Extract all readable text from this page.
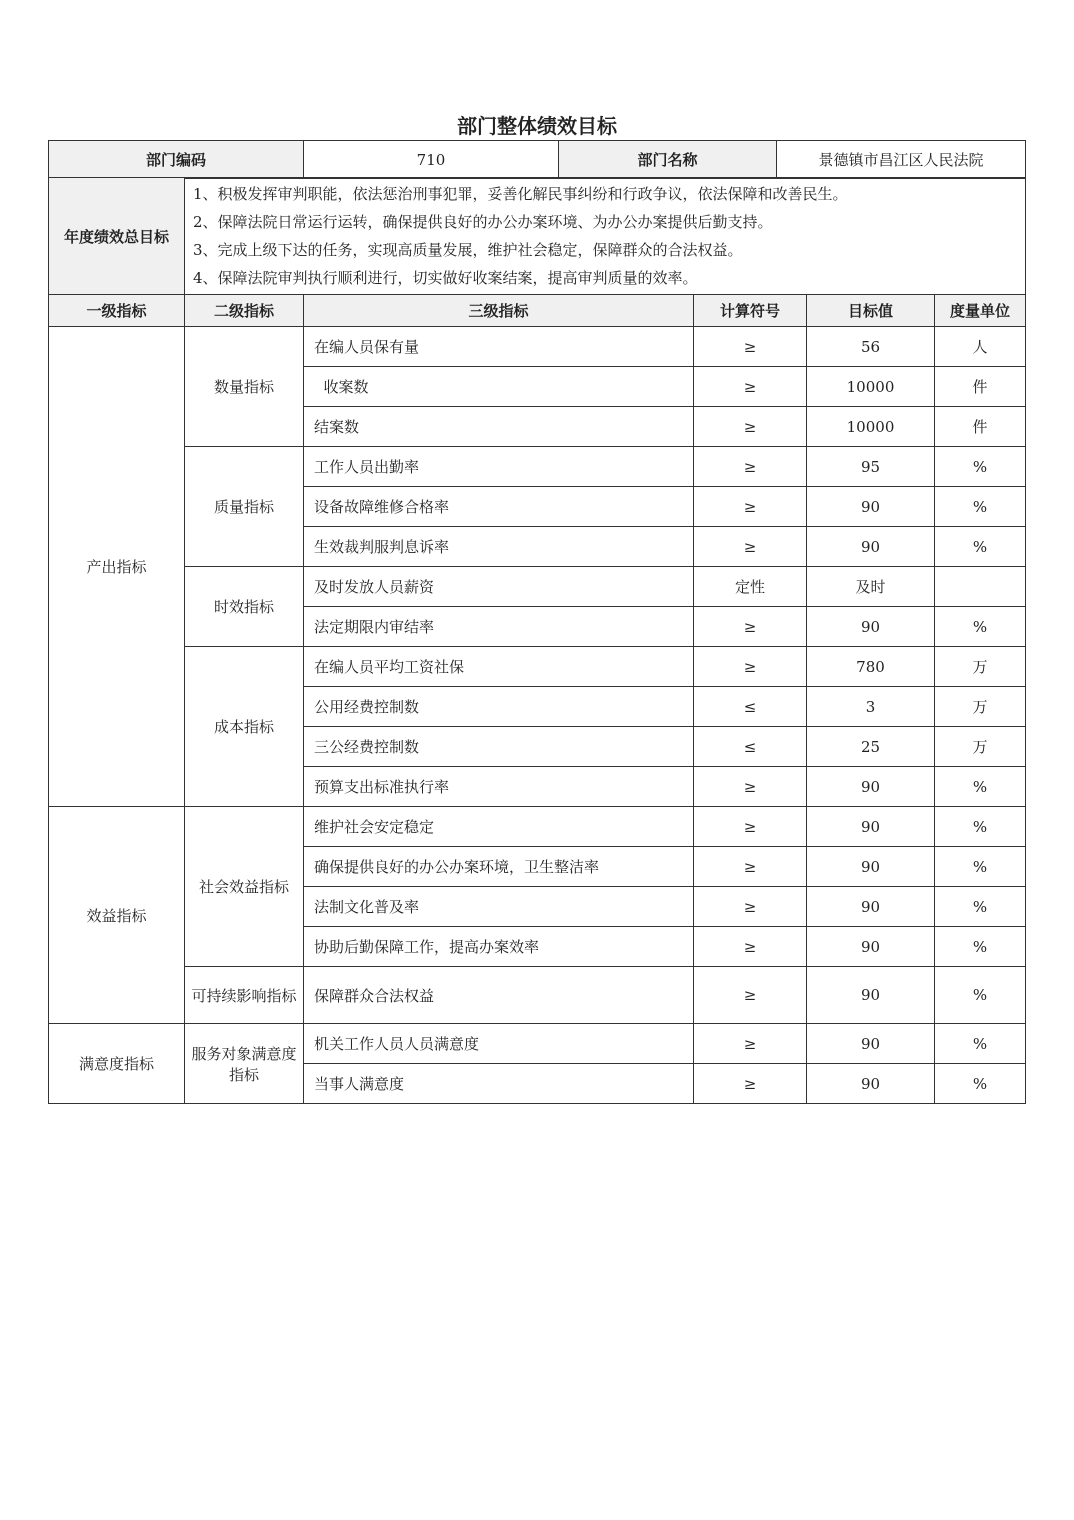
部门整体绩效目标
部门编码	710	部门名称	景德镇市昌江区人民法院
年度绩效总目标	1、积极发挥审判职能，依法惩治刑事犯罪，妥善化解民事纠纷和行政争议，依法保障和改善民生。
2、保障法院日常运行运转，确保提供良好的办公办案环境、为办公办案提供后勤支持。
3、完成上级下达的任务，实现高质量发展，维护社会稳定，保障群众的合法权益。
4、保障法院审判执行顺利进行，切实做好收案结案，提高审判质量的效率。				

一级指标	二级指标	三级指标	计算符号	目标值	度量单位
产出指标	数量指标	在编人员保有量	≥	56	人
		收案数	≥	10000	件
		结案数	≥	10000	件
	质量指标	工作人员出勤率	≥	95	%
		设备故障维修合格率	≥	90	%
		生效裁判服判息诉率	≥	90	%
	时效指标	及时发放人员薪资	定性	及时	
		法定期限内审结率	≥	90	%
	成本指标	在编人员平均工资社保	≥	780	万
		公用经费控制数	≤	3	万
		三公经费控制数	≤	25	万
		预算支出标准执行率	≥	90	%
效益指标	社会效益指标	维护社会安定稳定	≥	90	%
		确保提供良好的办公办案环境，卫生整洁率	≥	90	%
		法制文化普及率	≥	90	%
		协助后勤保障工作，提高办案效率	≥	90	%
	可持续影响指标	保障群众合法权益	≥	90	%
满意度指标	服务对象满意度指标	机关工作人员人员满意度	≥	90	%
		当事人满意度	≥	90	%
